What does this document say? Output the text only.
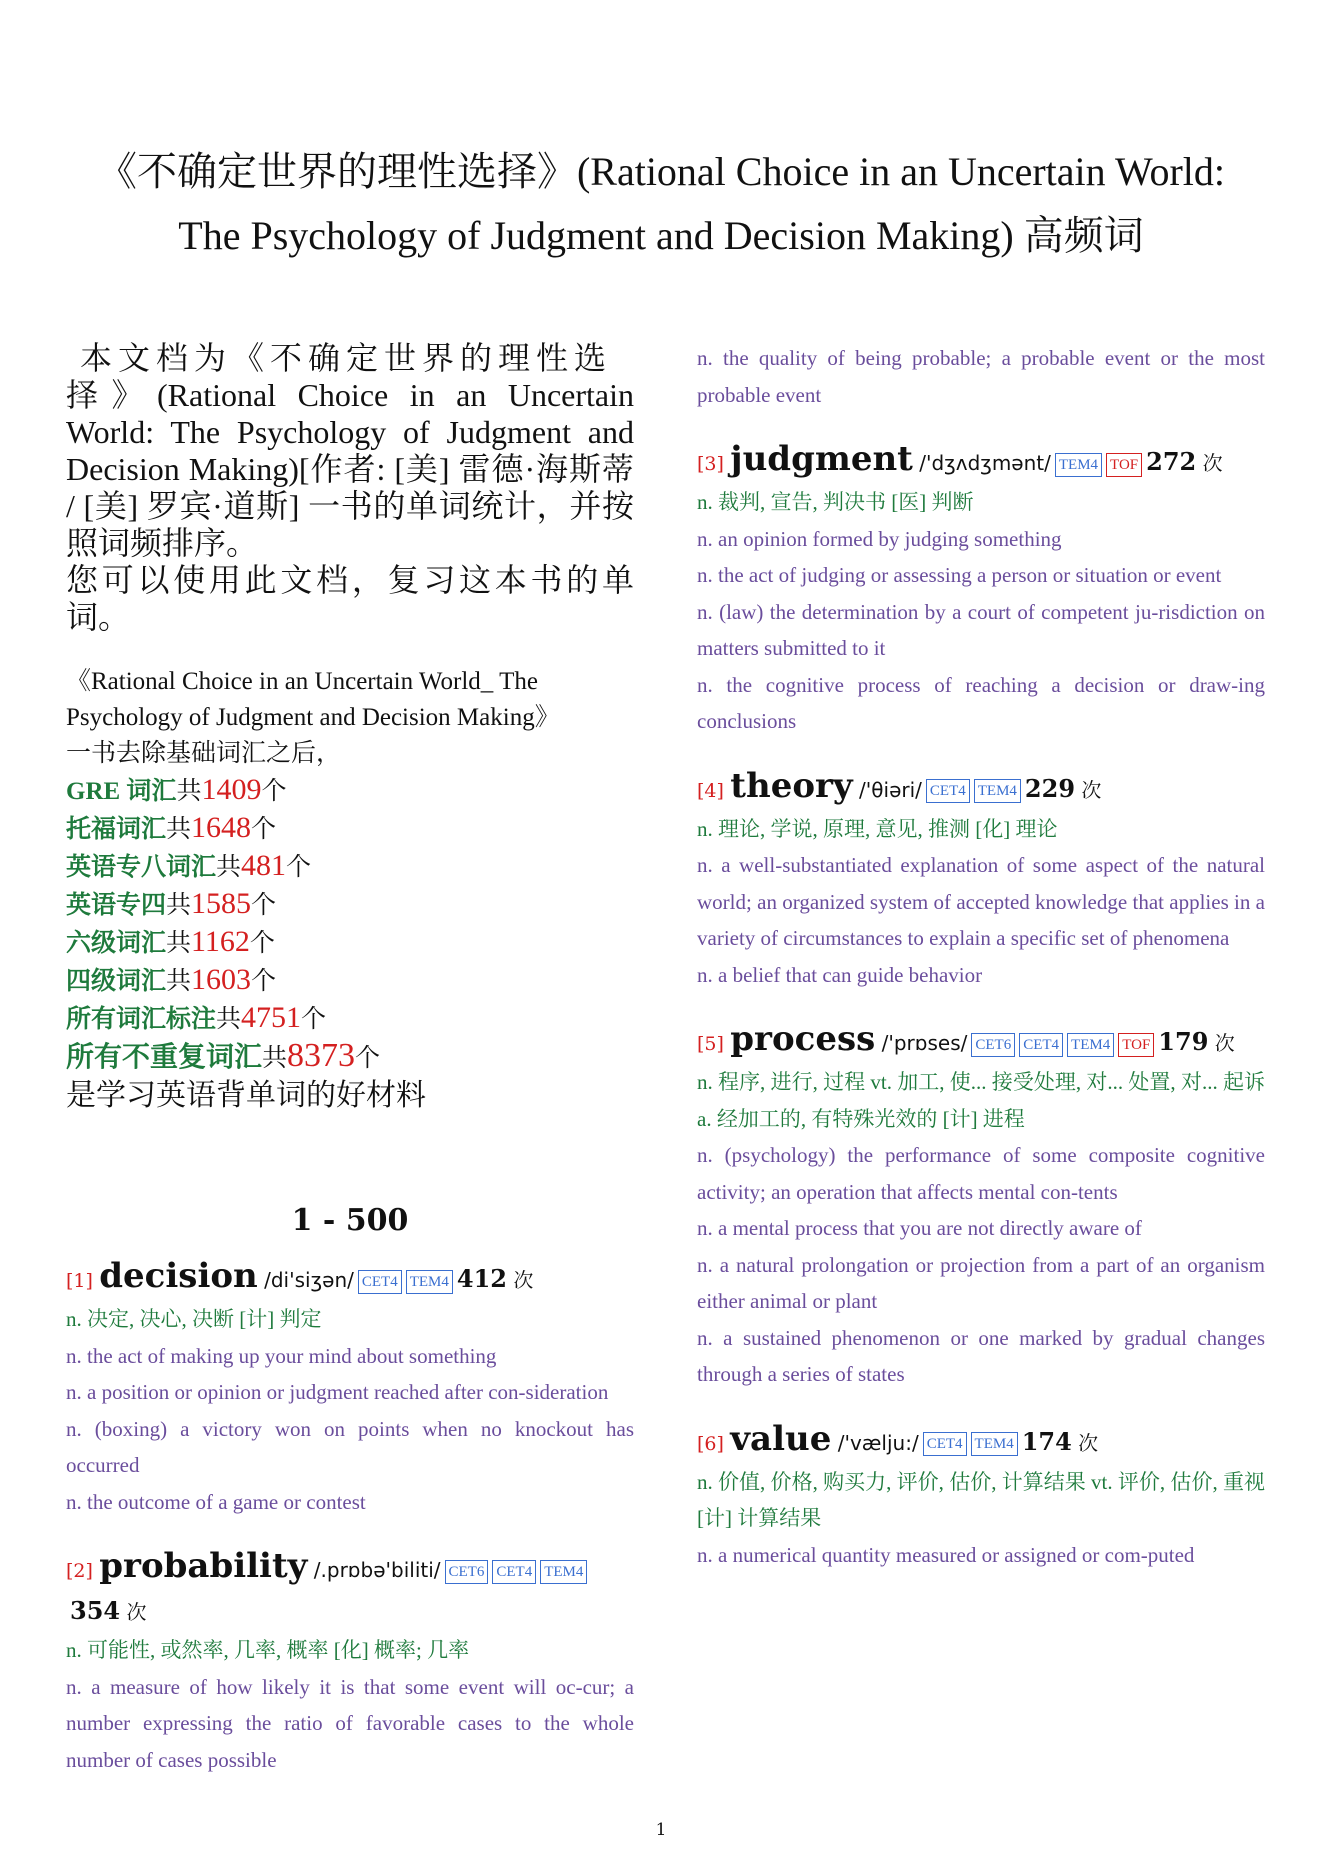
《不确定世界的理性选择》(Rational Choice in an Uncertain World:
The Psychology of Judgment and Decision Making) 高频词

本文档为《不确定世界的理性选

择》(Rational Choice in an Uncertain World: The Psychology of Judgment and Decision Making)[作者: [美] 雷德·海斯蒂 / [美] 罗宾·道斯] 一书的单词统计，并按照词频排序。

您可以使用此文档，复习这本书的单词。

《Rational Choice in an Uncertain World_ The Psychology of Judgment and Decision Making》

一书去除基础词汇之后，

GRE 词汇共1409个
托福词汇共1648个
英语专八词汇共481个
英语专四共1585个
六级词汇共1162个
四级词汇共1603个
所有词汇标注共4751个
所有不重复词汇共8373个
是学习英语背单词的好材料
1 - 500
[1] decision /di'siʒən/ CET4 TEM4 412 次

n. 决定, 决心, 决断 [计] 判定

n. the act of making up your mind about something

n. a position or opinion or judgment reached after con-sideration

n. (boxing) a victory won on points when no knockout has occurred

n. the outcome of a game or contest

[2] probability /.prɒbə'biliti/ CET6 CET4 TEM4354 次

n. 可能性, 或然率, 几率, 概率 [化] 概率; 几率

n. a measure of how likely it is that some event will oc-cur; a number expressing the ratio of favorable cases to the whole number of cases possible

n. the quality of being probable; a probable event or the most probable event

[3] judgment /'dʒʌdʒmənt/ TEM4 TOF 272 次

n. 裁判, 宣告, 判决书 [医] 判断

n. an opinion formed by judging something

n. the act of judging or assessing a person or situation or event

n. (law) the determination by a court of competent ju-risdiction on matters submitted to it

n. the cognitive process of reaching a decision or draw-ing conclusions

[4] theory /'θiəri/ CET4 TEM4 229 次

n. 理论, 学说, 原理, 意见, 推测 [化] 理论

n. a well-substantiated explanation of some aspect of the natural world; an organized system of accepted knowledge that applies in a variety of circumstances to explain a specific set of phenomena

n. a belief that can guide behavior

[5] process /'prɒses/ CET6 CET4 TEM4 TOF 179 次

n. 程序, 进行, 过程 vt. 加工, 使... 接受处理, 对... 处置, 对... 起诉 a. 经加工的, 有特殊光效的 [计] 进程

n. (psychology) the performance of some composite cognitive activity; an operation that affects mental con-tents

n. a mental process that you are not directly aware of

n. a natural prolongation or projection from a part of an organism either animal or plant

n. a sustained phenomenon or one marked by gradual changes through a series of states

[6] value /'vælju:/ CET4 TEM4 174 次

n. 价值, 价格, 购买力, 评价, 估价, 计算结果 vt. 评价, 估价, 重视 [计] 计算结果

n. a numerical quantity measured or assigned or com-puted

1
